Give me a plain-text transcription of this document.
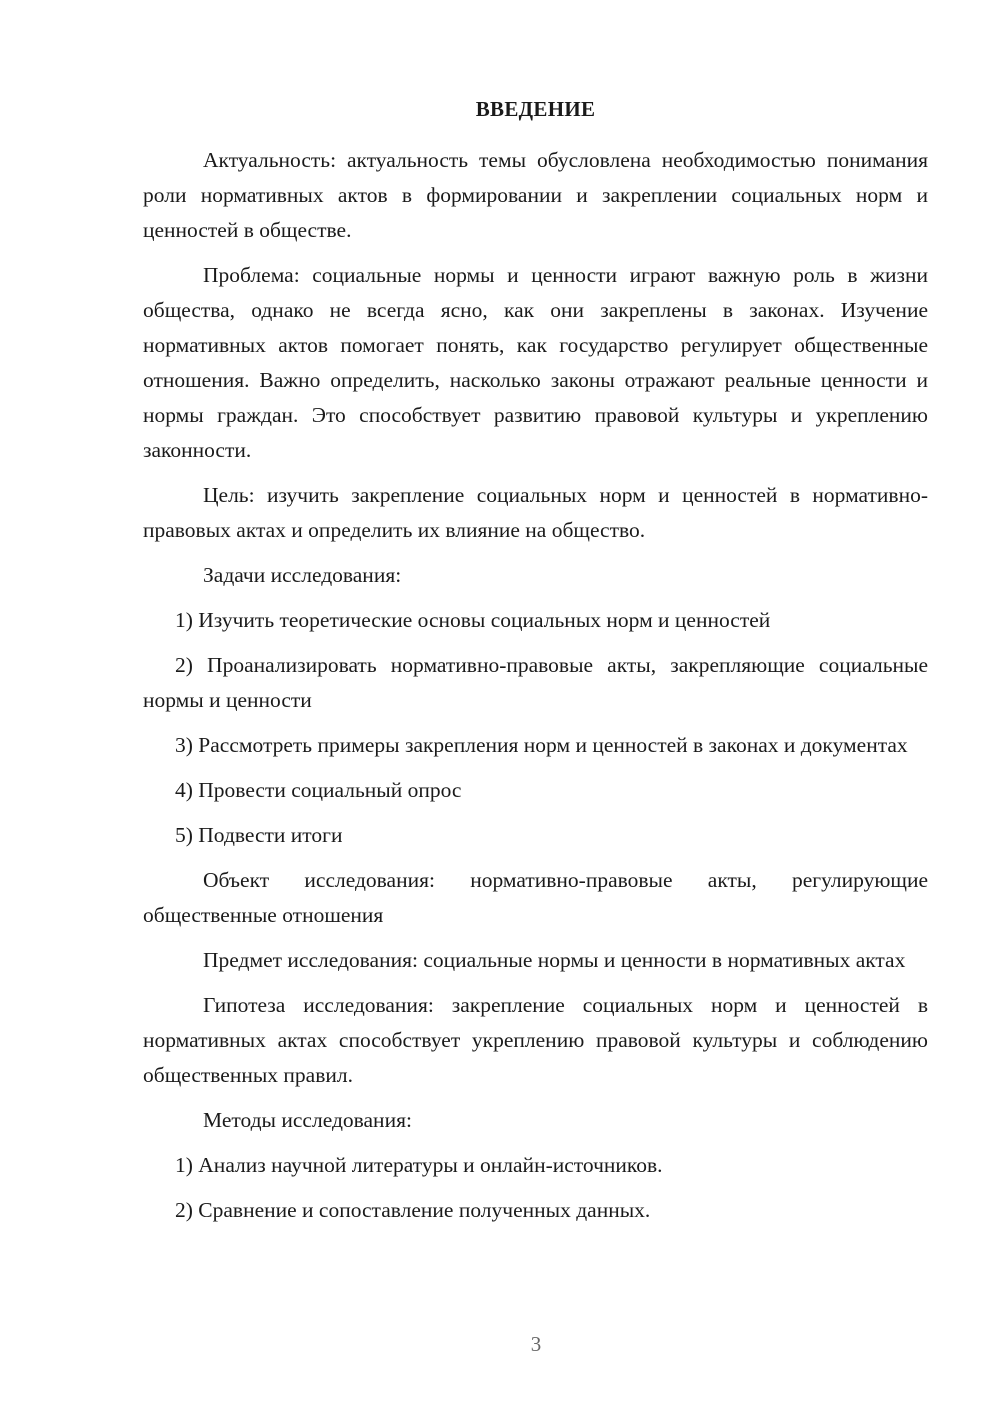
ВВЕДЕНИЕ

Актуальность: актуальность темы обусловлена необходимостью понимания роли нормативных актов в формировании и закреплении социальных норм и ценностей в обществе.

Проблема: социальные нормы и ценности играют важную роль в жизни общества, однако не всегда ясно, как они закреплены в законах. Изучение нормативных актов помогает понять, как государство регулирует общественные отношения. Важно определить, насколько законы отражают реальные ценности и нормы граждан. Это способствует развитию правовой культуры и укреплению законности.

Цель: изучить закрепление социальных норм и ценностей в нормативно-правовых актах и определить их влияние на общество.

Задачи исследования:

1) Изучить теоретические основы социальных норм и ценностей

2) Проанализировать нормативно-правовые акты, закрепляющие социальные нормы и ценности

3) Рассмотреть примеры закрепления норм и ценностей в законах и документах

4) Провести социальный опрос

5) Подвести итоги

Объект исследования: нормативно-правовые акты, регулирующие общественные отношения

Предмет исследования: социальные нормы и ценности в нормативных актах

Гипотеза исследования: закрепление социальных норм и ценностей в нормативных актах способствует укреплению правовой культуры и соблюдению общественных правил.

Методы исследования:

1) Анализ научной литературы и онлайн-источников.

2) Сравнение и сопоставление полученных данных.

3
